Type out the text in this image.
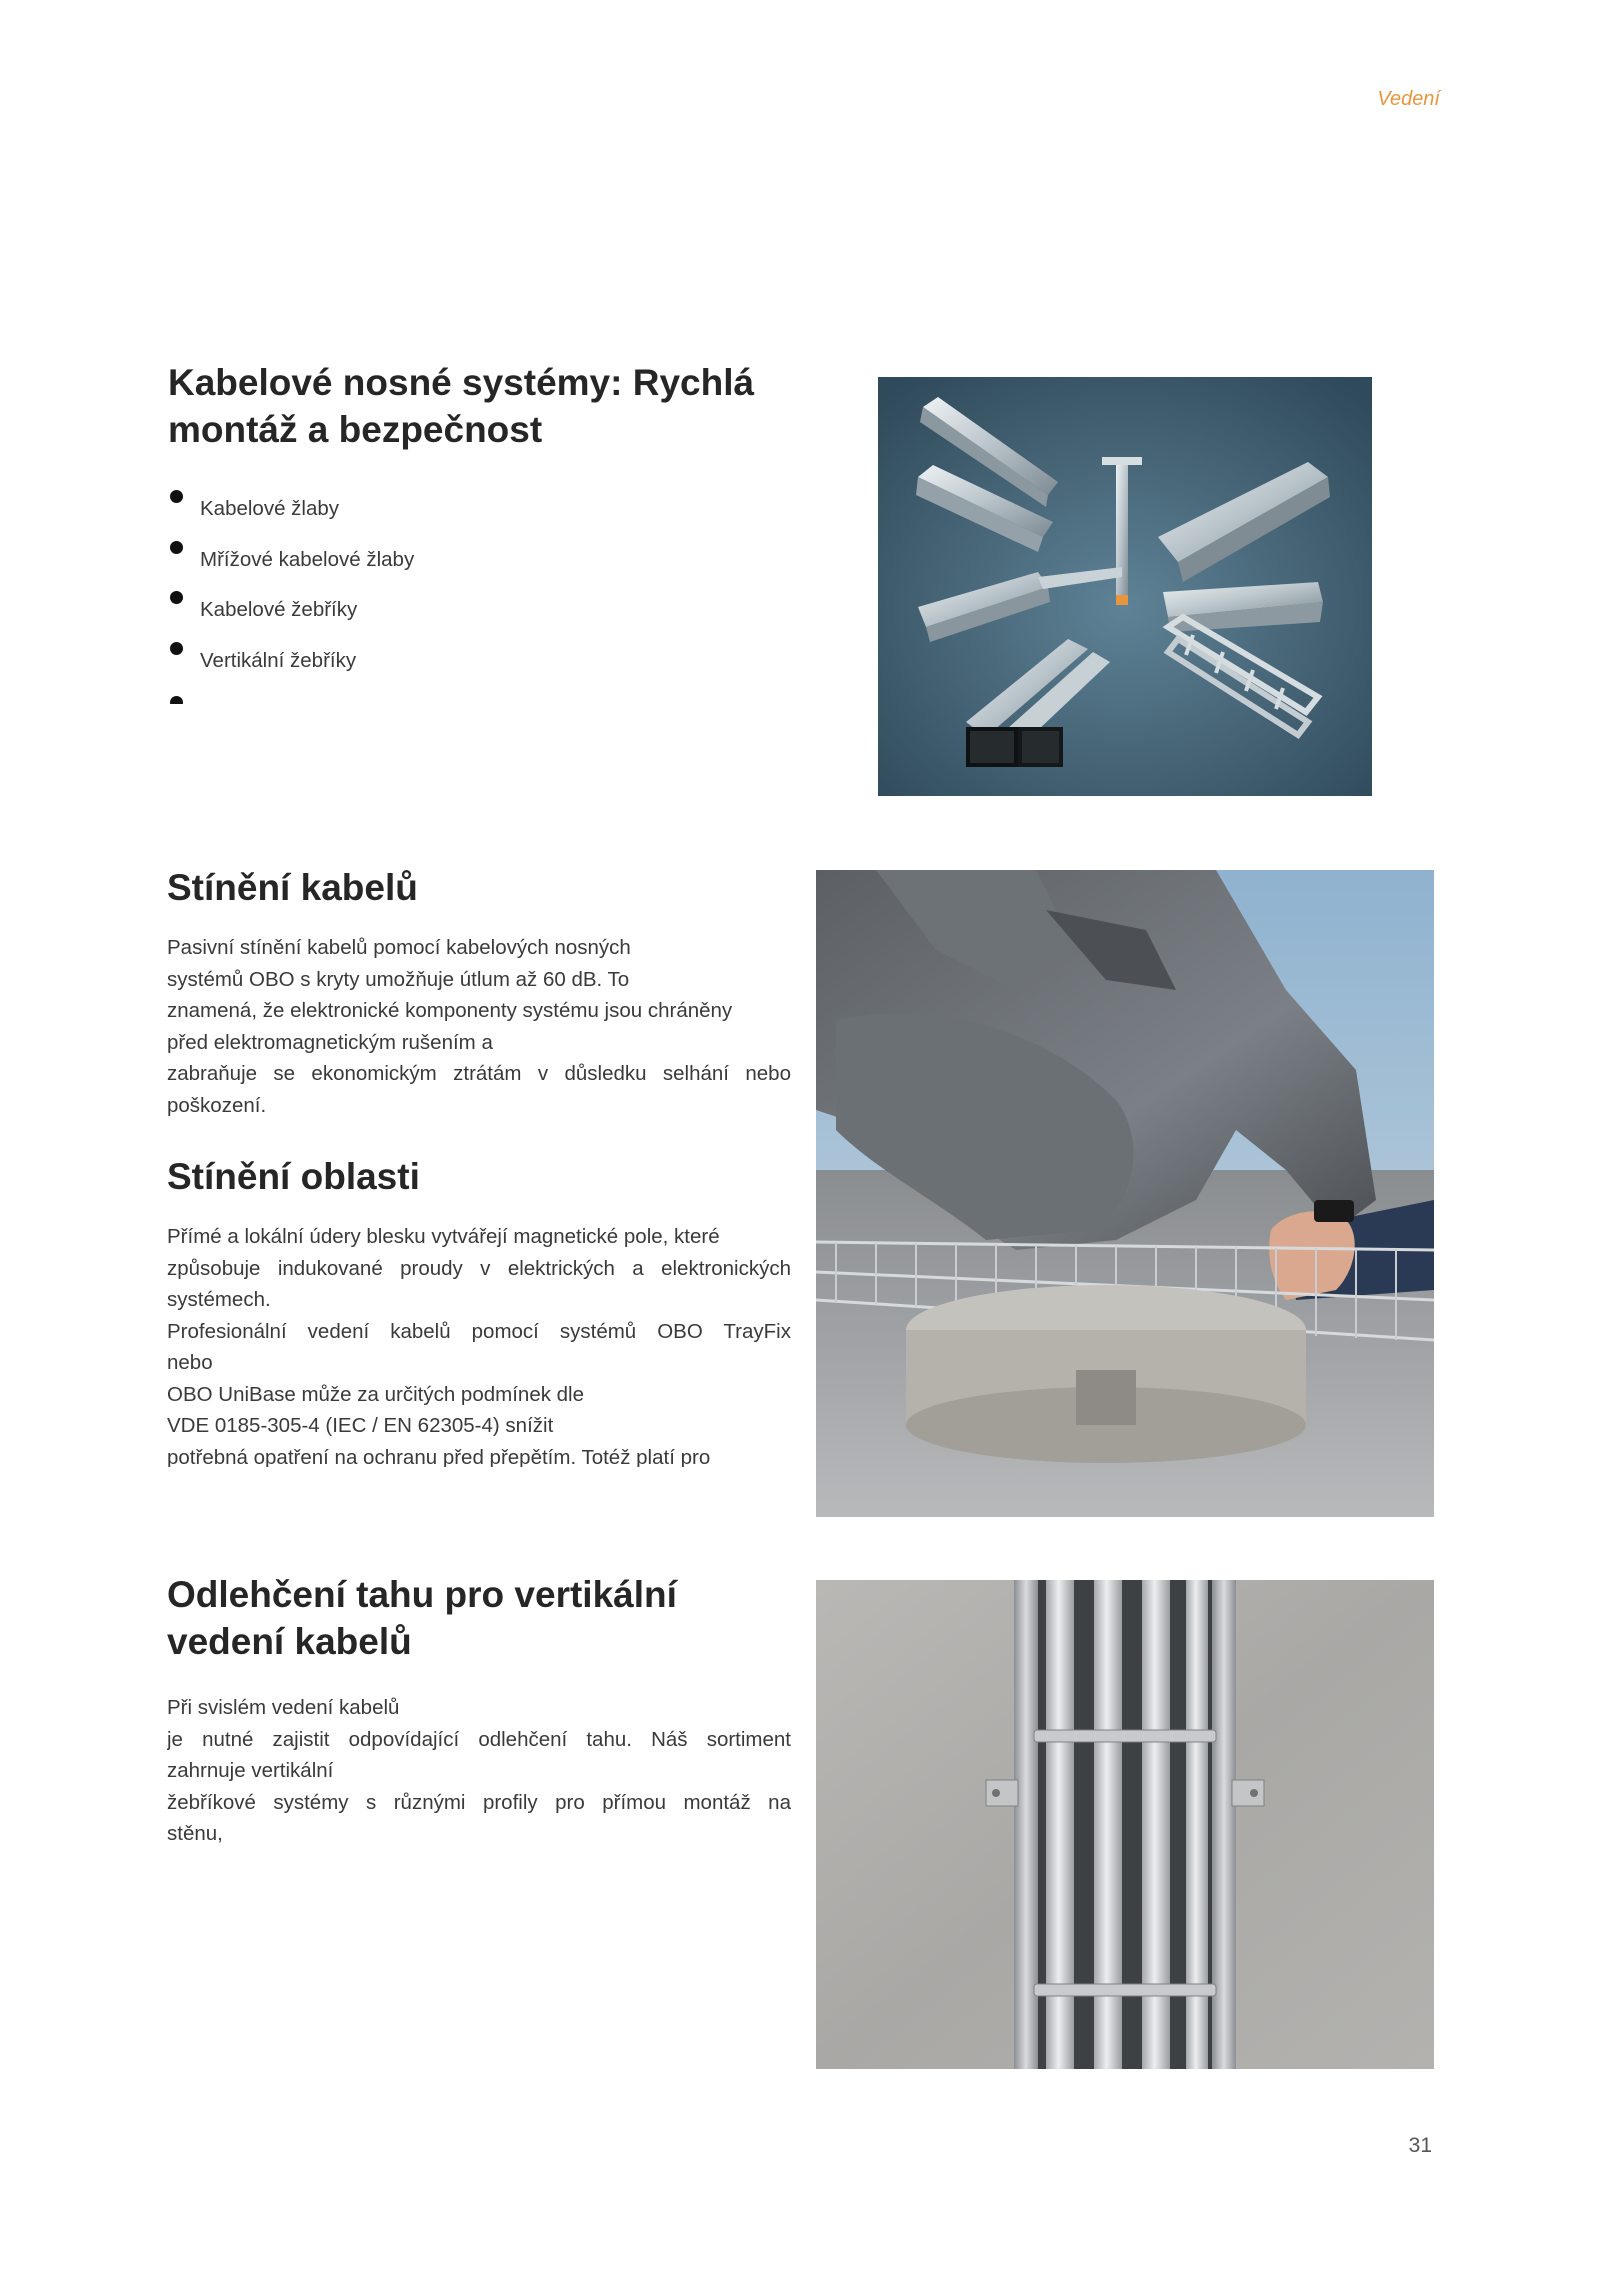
Vedení
Kabelové nosné systémy: Rychlá
montáž a bezpečnost
Kabelové žlaby
Mřížové kabelové žlaby
Kabelové žebříky
Vertikální žebříky
Stínění kabelů
Pasivní stínění kabelů pomocí kabelových nosných
systémů OBO s kryty umožňuje útlum až 60 dB. To
znamená, že elektronické komponenty systému jsou chráněny
před elektromagnetickým rušením a
zabraňuje se ekonomickým ztrátám v důsledku selhání nebo
poškození.
Stínění oblasti
Přímé a lokální údery blesku vytvářejí magnetické pole, které
způsobuje indukované proudy v elektrických a elektronických
systémech.
Profesionální vedení kabelů pomocí systémů OBO TrayFix
nebo
OBO UniBase může za určitých podmínek dle
VDE 0185-305-4 (IEC / EN 62305-4) snížit
potřebná opatření na ochranu před přepětím. Totéž platí pro
Odlehčení tahu pro vertikální
vedení kabelů
Při svislém vedení kabelů
je nutné zajistit odpovídající odlehčení tahu. Náš sortiment
zahrnuje vertikální
žebříkové systémy s různými profily pro přímou montáž na
stěnu,
31
